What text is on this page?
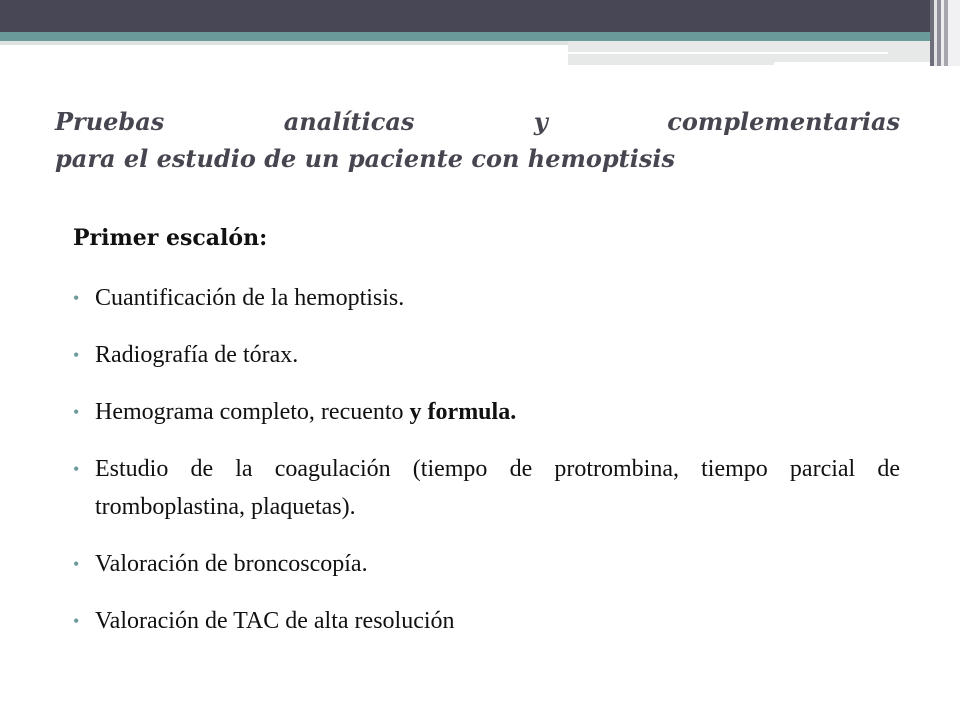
Pruebas analíticas y complementarias
para el estudio de un paciente con hemoptisis

Primer escalón:

• Cuantificación de la hemoptisis.
• Radiografía de tórax.
• Hemograma completo, recuento y formula.
• Estudio de la coagulación (tiempo de protrombina, tiempo parcial de tromboplastina, plaquetas).
• Valoración de broncoscopía.
• Valoración de TAC de alta resolución
